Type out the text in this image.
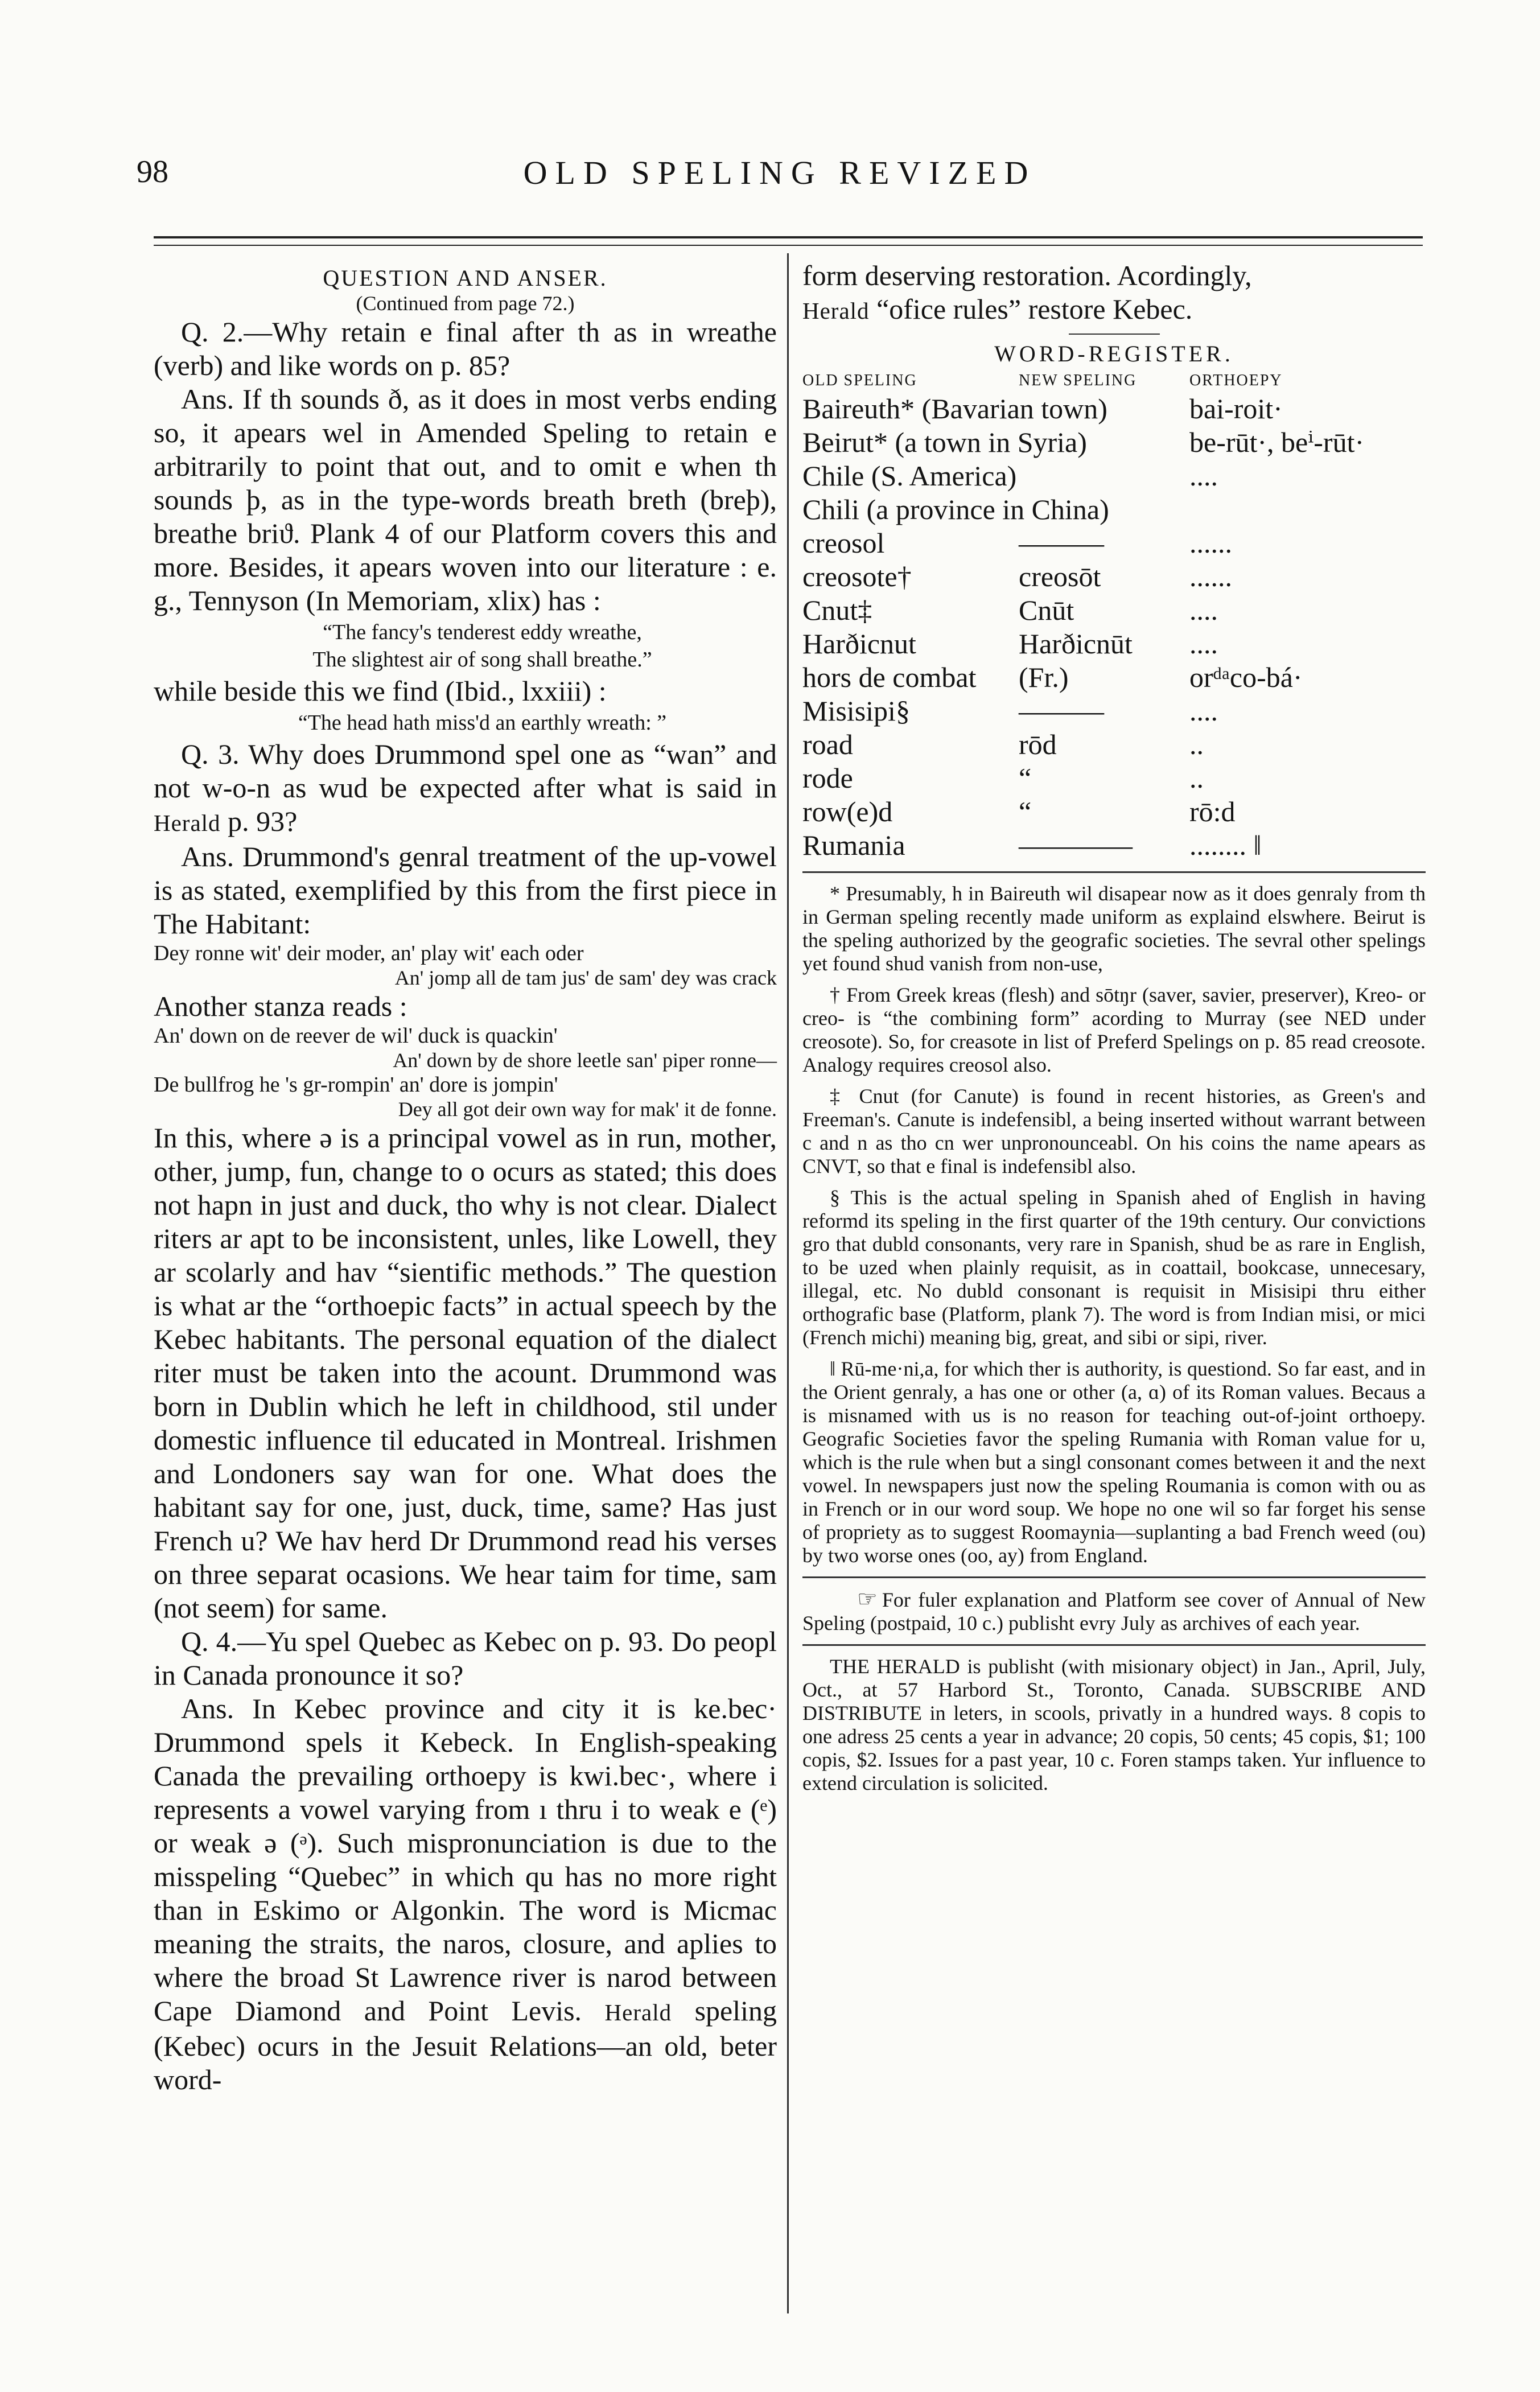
98	OLD SPELING REVIZED
QUESTION AND ANSER.
(Continued from page 72.)

Q. 2.—Why retain e final after th as in wreathe (verb) and like words on p. 85?

Ans. If th sounds ð, as it does in most verbs ending so, it apears wel in Amended Speling to retain e arbitrarily to point that out, and to omit e when th sounds þ, as in the type-words breath breth (breþ), breathe briϑ. Plank 4 of our Platform covers this and more. Besides, it apears woven into our literature : e. g., Tennyson (In Memoriam, xlix) has :

“The fancy's tenderest eddy wreathe,
The slightest air of song shall breathe.”

while beside this we find (Ibid., lxxiii) :

“The head hath miss'd an earthly wreath: ”

Q. 3. Why does Drummond spel one as “wan” and not w-o-n as wud be expected after what is said in Herald p. 93?

Ans. Drummond's genral treatment of the up-vowel is as stated, exemplified by this from the first piece in The Habitant:

Dey ronne wit' deir moder, an' play wit' each oder
An' jomp all de tam jus' de sam' dey was crack

Another stanza reads :

An' down on de reever de wil' duck is quackin'
An' down by de shore leetle san' piper ronne—
De bullfrog he 's gr-rompin' an' dore is jompin'
Dey all got deir own way for mak' it de fonne.

In this, where ə is a principal vowel as in run, mother, other, jump, fun, change to o ocurs as stated; this does not hapn in just and duck, tho why is not clear. Dialect riters ar apt to be inconsistent, unles, like Lowell, they ar scolarly and hav “sientific methods.” The question is what ar the “orthoepic facts” in actual speech by the Kebec habitants. The personal equation of the dialect riter must be taken into the acount. Drummond was born in Dublin which he left in childhood, stil under domestic influence til educated in Montreal. Irishmen and Londoners say wan for one. What does the habitant say for one, just, duck, time, same? Has just French u? We hav herd Dr Drummond read his verses on three separat ocasions. We hear taim for time, sam (not seem) for same.

Q. 4.—Yu spel Quebec as Kebec on p. 93. Do peopl in Canada pronounce it so?

Ans. In Kebec province and city it is ke.bec· Drummond spels it Kebeck. In English-speaking Canada the prevailing orthoepy is kwi.bec·, where i represents a vowel varying from ı thru i to weak e (ᵉ) or weak ə (ᵊ). Such mispronunciation is due to the misspeling “Quebec” in which qu has no more right than in Eskimo or Algonkin. The word is Micmac meaning the straits, the naros, closure, and aplies to where the broad St Lawrence river is narod between Cape Diamond and Point Levis. Herald speling (Kebec) ocurs in the Jesuit Relations—an old, beter word-

form deserving restoration. Acordingly,

Herald “ofice rules” restore Kebec.

WORD-REGISTER.
OLD SPELING	NEW SPELING	ORTHOEPY
Baireuth* (Bavarian town)		bai-roit·
Beirut* (a town in Syria)		be-rūt·, beⁱ-rūt·
Chile (S. America)		....
Chili (a province in China)		
creosol	———	......
creosote†	creosōt	......
Cnut‡	Cnūt	....
Harðicnut	Harðicnūt	....
hors de combat	(Fr.)	orᵈᵃco-bá·
Misisipi§	———	....
road	rōd	..
rode	“	..
row(e)d	“	rō:d
Rumania	————	........ ǁ

* Presumably, h in Baireuth wil disapear now as it does genraly from th in German speling recently made uniform as explaind elswhere. Beirut is the speling authorized by the geografic societies. The sevral other spelings yet found shud vanish from non-use,

† From Greek kreas (flesh) and sōtŋr (saver, savier, preserver), Kreo- or creo- is “the combining form” acording to Murray (see NED under creosote). So, for creasote in list of Preferd Spelings on p. 85 read creosote. Analogy requires creosol also.

‡ Cnut (for Canute) is found in recent histories, as Green's and Freeman's. Canute is indefensibl, a being inserted without warrant between c and n as tho cn wer unpronounceabl. On his coins the name apears as CNVT, so that e final is indefensibl also.

§ This is the actual speling in Spanish ahed of English in having reformd its speling in the first quarter of the 19th century. Our convictions gro that dubld consonants, very rare in Spanish, shud be as rare in English, to be uzed when plainly requisit, as in coattail, bookcase, unnecesary, illegal, etc. No dubld consonant is requisit in Misisipi thru either orthografic base (Platform, plank 7). The word is from Indian misi, or mici (French michi) meaning big, great, and sibi or sipi, river.

ǁ Rū-me·ni,a, for which ther is authority, is questiond. So far east, and in the Orient genraly, a has one or other (a, ɑ) of its Roman values. Becaus a is misnamed with us is no reason for teaching out-of-joint orthoepy. Geografic Societies favor the speling Rumania with Roman value for u, which is the rule when but a singl consonant comes between it and the next vowel. In newspapers just now the speling Roumania is comon with ou as in French or in our word soup. We hope no one wil so far forget his sense of propriety as to suggest Roomaynia—suplanting a bad French weed (ou) by two worse ones (oo, ay) from England.

☞ For fuler explanation and Platform see cover of Annual of New Speling (postpaid, 10 c.) publisht evry July as archives of each year.

THE HERALD is publisht (with misionary object) in Jan., April, July, Oct., at 57 Harbord St., Toronto, Canada. SUBSCRIBE AND DISTRIBUTE in leters, in scools, privatly in a hundred ways. 8 copis to one adress 25 cents a year in advance; 20 copis, 50 cents; 45 copis, $1; 100 copis, $2. Issues for a past year, 10 c. Foren stamps taken. Yur influence to extend circulation is solicited.
